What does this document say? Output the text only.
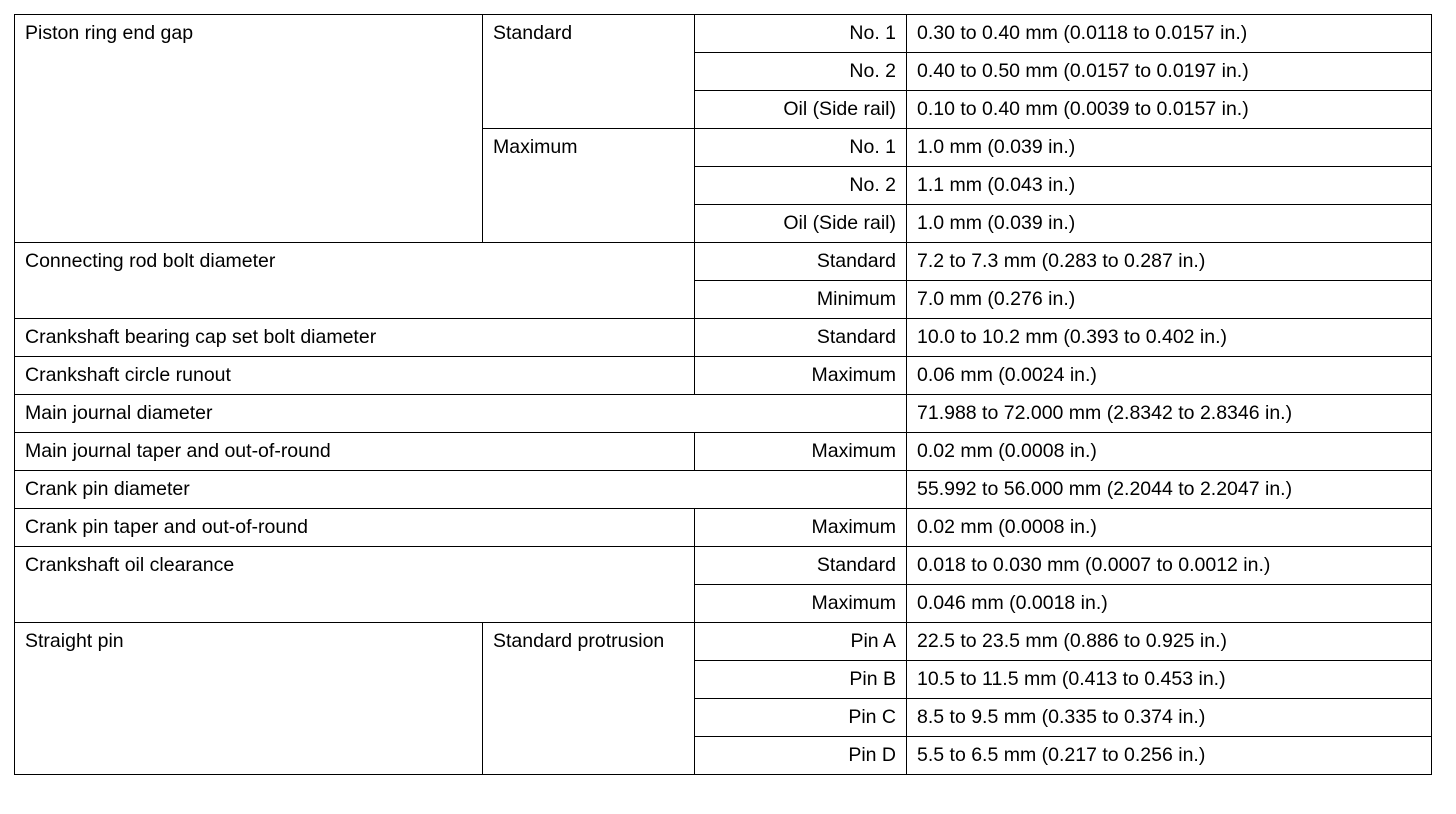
Piston ring end gap	Standard	No. 1	0.30 to 0.40 mm (0.0118 to 0.0157 in.)
		No. 2	0.40 to 0.50 mm (0.0157 to 0.0197 in.)
		Oil (Side rail)	0.10 to 0.40 mm (0.0039 to 0.0157 in.)
	Maximum	No. 1	1.0 mm (0.039 in.)
		No. 2	1.1 mm (0.043 in.)
		Oil (Side rail)	1.0 mm (0.039 in.)
Connecting rod bolt diameter		Standard	7.2 to 7.3 mm (0.283 to 0.287 in.)
		Minimum	7.0 mm (0.276 in.)
Crankshaft bearing cap set bolt diameter		Standard	10.0 to 10.2 mm (0.393 to 0.402 in.)
Crankshaft circle runout		Maximum	0.06 mm (0.0024 in.)
Main journal diameter			71.988 to 72.000 mm (2.8342 to 2.8346 in.)
Main journal taper and out-of-round		Maximum	0.02 mm (0.0008 in.)
Crank pin diameter			55.992 to 56.000 mm (2.2044 to 2.2047 in.)
Crank pin taper and out-of-round		Maximum	0.02 mm (0.0008 in.)
Crankshaft oil clearance		Standard	0.018 to 0.030 mm (0.0007 to 0.0012 in.)
		Maximum	0.046 mm (0.0018 in.)
Straight pin	Standard protrusion	Pin A	22.5 to 23.5 mm (0.886 to 0.925 in.)
		Pin B	10.5 to 11.5 mm (0.413 to 0.453 in.)
		Pin C	8.5 to 9.5 mm (0.335 to 0.374 in.)
		Pin D	5.5 to 6.5 mm (0.217 to 0.256 in.)
